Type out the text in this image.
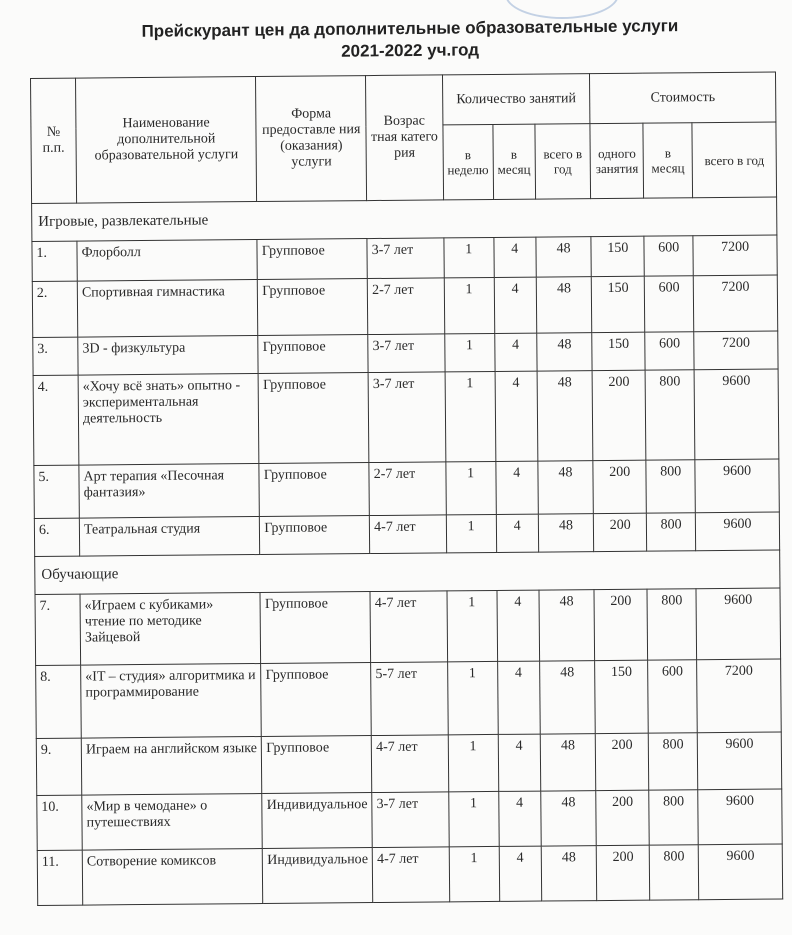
Прейскурант цен да дополнительные образовательные услуги
2021-2022 уч.год
№ п.п.	Наименование дополнительной образовательной услуги	Форма предоставле ния (оказания) услуги	Возрас тная катего рия	Количество занятий			Стоимость		
				в неделю	в месяц	всего в год	одного занятия	в месяц	всего в год
Игровые, развлекательные									
1.	Флорболл	Групповое	3-7 лет	1	4	48	150	600	7200
2.	Спортивная гимнастика	Групповое	2-7 лет	1	4	48	150	600	7200
3.	3D - физкультура	Групповое	3-7 лет	1	4	48	150	600	7200
4.	«Хочу всё знать» опытно - экспериментальная деятельность	Групповое	3-7 лет	1	4	48	200	800	9600
5.	Арт терапия «Песочная фантазия»	Групповое	2-7 лет	1	4	48	200	800	9600
6.	Театральная студия	Групповое	4-7 лет	1	4	48	200	800	9600
Обучающие									
7.	«Играем с кубиками» чтение по методике Зайцевой	Групповое	4-7 лет	1	4	48	200	800	9600
8.	«IT – студия» алгоритмика и программирование	Групповое	5-7 лет	1	4	48	150	600	7200
9.	Играем на английском языке	Групповое	4-7 лет	1	4	48	200	800	9600
10.	«Мир в чемодане» о путешествиях	Индивидуальное	3-7 лет	1	4	48	200	800	9600
11.	Сотворение комиксов	Индивидуальное	4-7 лет	1	4	48	200	800	9600
